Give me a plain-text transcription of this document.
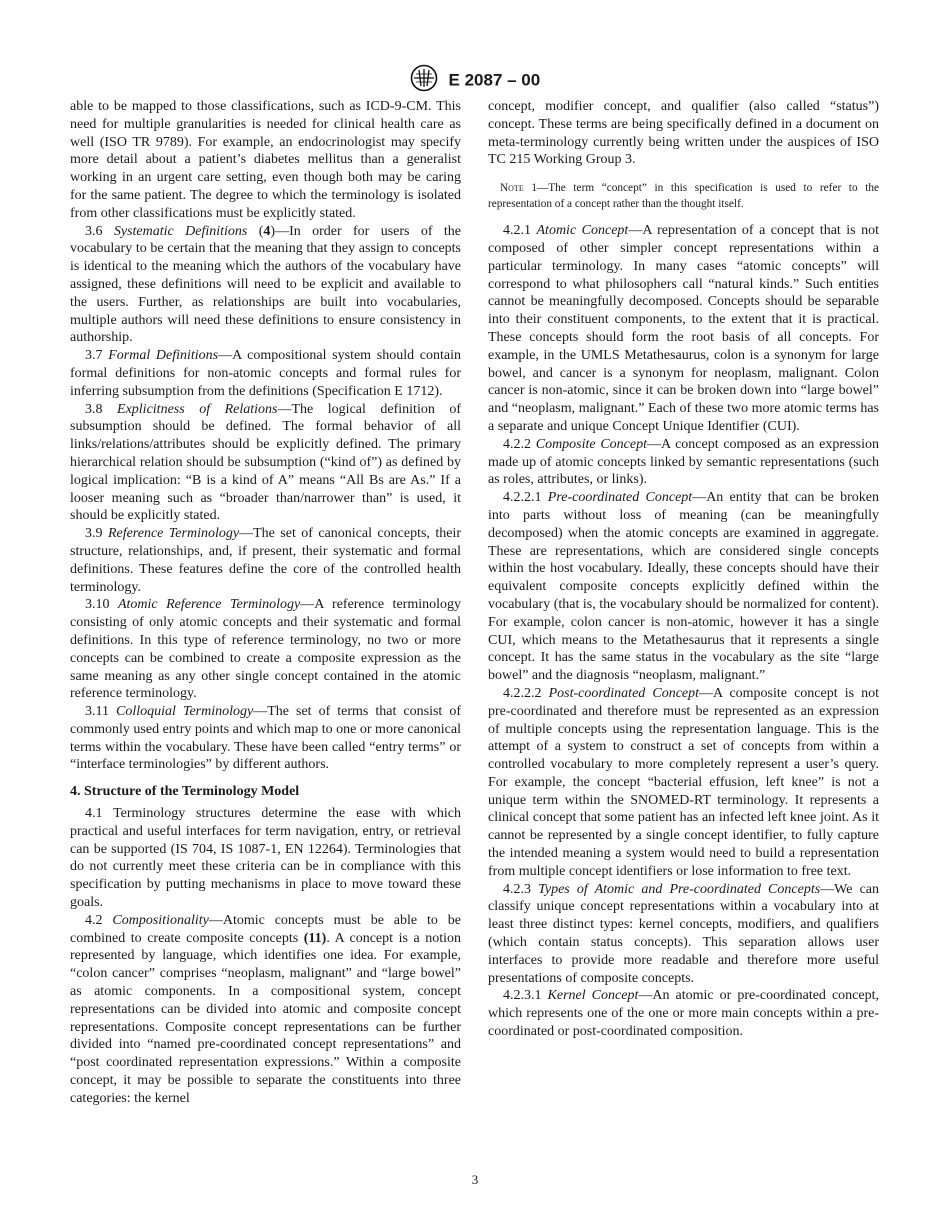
E 2087 – 00

able to be mapped to those classifications, such as ICD-9-CM. This need for multiple granularities is needed for clinical health care as well (ISO TR 9789). For example, an endocrinologist may specify more detail about a patient’s diabetes mellitus than a generalist working in an urgent care setting, even though both may be caring for the same patient. The degree to which the terminology is isolated from other classifications must be explicitly stated.

3.6 Systematic Definitions (4)—In order for users of the vocabulary to be certain that the meaning that they assign to concepts is identical to the meaning which the authors of the vocabulary have assigned, these definitions will need to be explicit and available to the users. Further, as relationships are built into vocabularies, multiple authors will need these definitions to ensure consistency in authorship.

3.7 Formal Definitions—A compositional system should contain formal definitions for non-atomic concepts and formal rules for inferring subsumption from the definitions (Specification E 1712).

3.8 Explicitness of Relations—The logical definition of subsumption should be defined. The formal behavior of all links/relations/attributes should be explicitly defined. The primary hierarchical relation should be subsumption (“kind of”) as defined by logical implication: “B is a kind of A” means “All Bs are As.” If a looser meaning such as “broader than/narrower than” is used, it should be explicitly stated.

3.9 Reference Terminology—The set of canonical concepts, their structure, relationships, and, if present, their systematic and formal definitions. These features define the core of the controlled health terminology.

3.10 Atomic Reference Terminology—A reference terminology consisting of only atomic concepts and their systematic and formal definitions. In this type of reference terminology, no two or more concepts can be combined to create a composite expression as the same meaning as any other single concept contained in the atomic reference terminology.

3.11 Colloquial Terminology—The set of terms that consist of commonly used entry points and which map to one or more canonical terms within the vocabulary. These have been called “entry terms” or “interface terminologies” by different authors.

4. Structure of the Terminology Model

4.1 Terminology structures determine the ease with which practical and useful interfaces for term navigation, entry, or retrieval can be supported (IS 704, IS 1087-1, EN 12264). Terminologies that do not currently meet these criteria can be in compliance with this specification by putting mechanisms in place to move toward these goals.

4.2 Compositionality—Atomic concepts must be able to be combined to create composite concepts (11). A concept is a notion represented by language, which identifies one idea. For example, “colon cancer” comprises “neoplasm, malignant” and “large bowel” as atomic components. In a compositional system, concept representations can be divided into atomic and composite concept representations. Composite concept representations can be further divided into “named pre-coordinated concept representations” and “post coordinated representation expressions.” Within a composite concept, it may be possible to separate the constituents into three categories: the kernel

concept, modifier concept, and qualifier (also called “status”) concept. These terms are being specifically defined in a document on meta-terminology currently being written under the auspices of ISO TC 215 Working Group 3.

Note 1—The term “concept” in this specification is used to refer to the representation of a concept rather than the thought itself.

4.2.1 Atomic Concept—A representation of a concept that is not composed of other simpler concept representations within a particular terminology. In many cases “atomic concepts” will correspond to what philosophers call “natural kinds.” Such entities cannot be meaningfully decomposed. Concepts should be separable into their constituent components, to the extent that it is practical. These concepts should form the root basis of all concepts. For example, in the UMLS Metathesaurus, colon is a synonym for large bowel, and cancer is a synonym for neoplasm, malignant. Colon cancer is non-atomic, since it can be broken down into “large bowel” and “neoplasm, malignant.” Each of these two more atomic terms has a separate and unique Concept Unique Identifier (CUI).

4.2.2 Composite Concept—A concept composed as an expression made up of atomic concepts linked by semantic representations (such as roles, attributes, or links).

4.2.2.1 Pre-coordinated Concept—An entity that can be broken into parts without loss of meaning (can be meaningfully decomposed) when the atomic concepts are examined in aggregate. These are representations, which are considered single concepts within the host vocabulary. Ideally, these concepts should have their equivalent composite concepts explicitly defined within the vocabulary (that is, the vocabulary should be normalized for content). For example, colon cancer is non-atomic, however it has a single CUI, which means to the Metathesaurus that it represents a single concept. It has the same status in the vocabulary as the site “large bowel” and the diagnosis “neoplasm, malignant.”

4.2.2.2 Post-coordinated Concept—A composite concept is not pre-coordinated and therefore must be represented as an expression of multiple concepts using the representation language. This is the attempt of a system to construct a set of concepts from within a controlled vocabulary to more completely represent a user’s query. For example, the concept “bacterial effusion, left knee” is not a unique term within the SNOMED-RT terminology. It represents a clinical concept that some patient has an infected left knee joint. As it cannot be represented by a single concept identifier, to fully capture the intended meaning a system would need to build a representation from multiple concept identifiers or lose information to free text.

4.2.3 Types of Atomic and Pre-coordinated Concepts—We can classify unique concept representations within a vocabulary into at least three distinct types: kernel concepts, modifiers, and qualifiers (which contain status concepts). This separation allows user interfaces to provide more readable and therefore more useful presentations of composite concepts.

4.2.3.1 Kernel Concept—An atomic or pre-coordinated concept, which represents one of the one or more main concepts within a pre-coordinated or post-coordinated composition.

3
